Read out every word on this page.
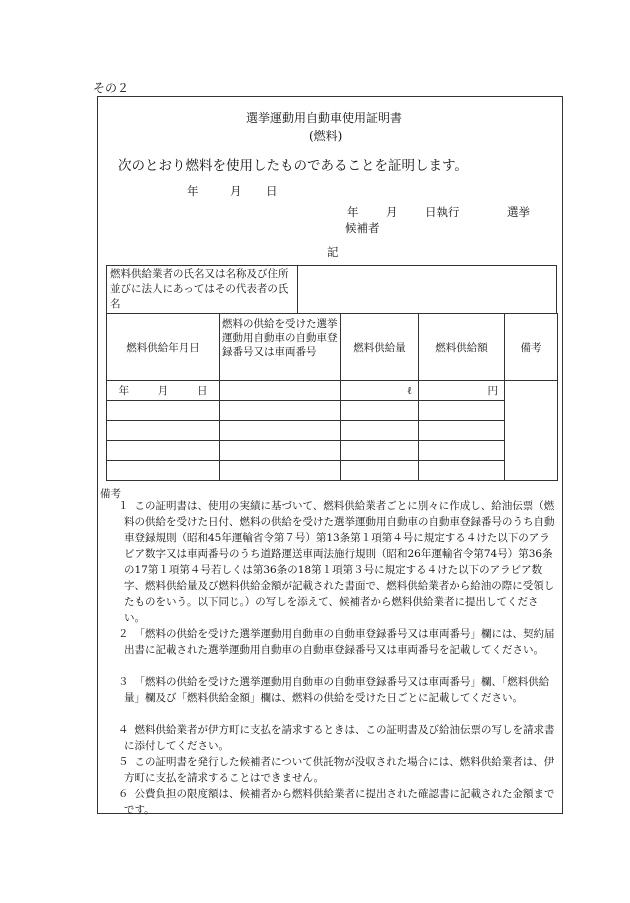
その２
選挙運動用自動車使用証明書
(燃料)
次のとおり燃料を使用したものであることを証明します。
年	月 日
年 月 日執行	選挙
候補者
記
燃料供給業者の氏名又は名称及び住所並びに法人にあってはその代表者の氏名
燃料供給年月日	燃料の供給を受けた選挙運動用自動車の自動車登録番号又は車両番号	燃料供給量	燃料供給額	備考
年 月 日		ℓ	円	

備考
１ この証明書は、使用の実績に基づいて、燃料供給業者ごとに別々に作成し、給油伝票（燃料の供給を受けた日付、燃料の供給を受けた選挙運動用自動車の自動車登録番号のうち自動車登録規則（昭和45年運輸省令第７号）第13条第１項第４号に規定する４けた以下のアラビア数字又は車両番号のうち道路運送車両法施行規則（昭和26年運輸省令第74号）第36条の17第１項第４号若しくは第36条の18第１項第３号に規定する４けた以下のアラビア数字、燃料供給量及び燃料供給金額が記載された書面で、燃料供給業者から給油の際に受領したものをいう。以下同じ。）の写しを添えて、候補者から燃料供給業者に提出してください。
２ 「燃料の供給を受けた選挙運動用自動車の自動車登録番号又は車両番号」欄には、契約届出書に記載された選挙運動用自動車の自動車登録番号又は車両番号を記載してください。
３ 「燃料の供給を受けた選挙運動用自動車の自動車登録番号又は車両番号」欄、「燃料供給量」欄及び「燃料供給金額」欄は、燃料の供給を受けた日ごとに記載してください。
４ 燃料供給業者が伊方町に支払を請求するときは、この証明書及び給油伝票の写しを請求書に添付してください。
５ この証明書を発行した候補者について供託物が没収された場合には、燃料供給業者は、伊方町に支払を請求することはできません。
６ 公費負担の限度額は、候補者から燃料供給業者に提出された確認書に記載された金額までです。
